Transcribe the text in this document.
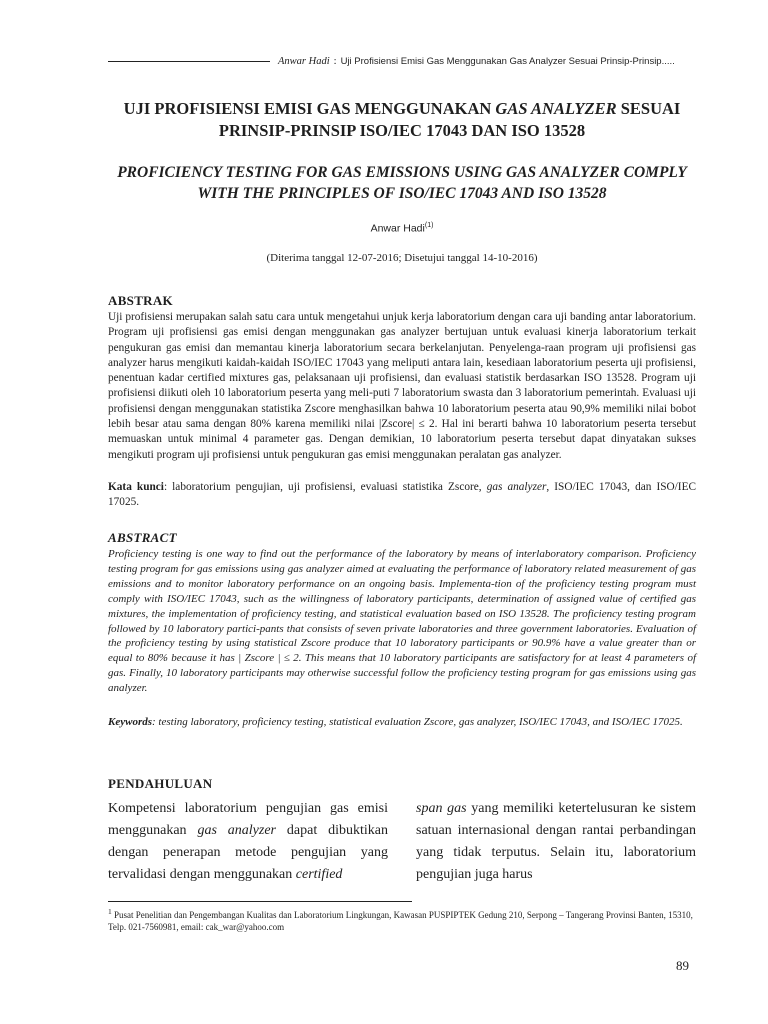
Anwar Hadi : Uji Profisiensi Emisi Gas Menggunakan Gas Analyzer Sesuai Prinsip-Prinsip.....
UJI PROFISIENSI EMISI GAS MENGGUNAKAN GAS ANALYZER SESUAI PRINSIP-PRINSIP ISO/IEC 17043 DAN ISO 13528
PROFICIENCY TESTING FOR GAS EMISSIONS USING GAS ANALYZER COMPLY WITH THE PRINCIPLES OF ISO/IEC 17043 AND ISO 13528
Anwar Hadi$^{(1)}$
(Diterima tanggal 12-07-2016; Disetujui tanggal 14-10-2016)
ABSTRAK

Uji profisiensi merupakan salah satu cara untuk mengetahui unjuk kerja laboratorium dengan cara uji banding antar laboratorium. Program uji profisiensi gas emisi dengan menggunakan gas analyzer bertujuan untuk evaluasi kinerja laboratorium terkait pengukuran gas emisi dan memantau kinerja laboratorium secara berkelanjutan. Penyelenga-raan program uji profisiensi gas analyzer harus mengikuti kaidah-kaidah ISO/IEC 17043 yang meliputi antara lain, kesediaan laboratorium peserta uji profisiensi, penentuan kadar certified mixtures gas, pelaksanaan uji profisiensi, dan evaluasi statistik berdasarkan ISO 13528. Program uji profisiensi diikuti oleh 10 laboratorium peserta yang meli-puti 7 laboratorium swasta dan 3 laboratorium pemerintah. Evaluasi uji profisiensi dengan menggunakan statistika Zscore menghasilkan bahwa 10 laboratorium peserta atau 90,9% memiliki nilai bobot lebih besar atau sama dengan 80% karena memiliki nilai |Zscore| ≤ 2. Hal ini berarti bahwa 10 laboratorium peserta tersebut memuaskan untuk minimal 4 parameter gas. Dengan demikian, 10 laboratorium peserta tersebut dapat dinyatakan sukses mengikuti program uji profisiensi untuk pengukuran gas emisi menggunakan peralatan gas analyzer.

Kata kunci: laboratorium pengujian, uji profisiensi, evaluasi statistika Zscore, gas analyzer, ISO/IEC 17043, dan ISO/IEC 17025.

ABSTRACT

Proficiency testing is one way to find out the performance of the laboratory by means of interlaboratory comparison. Proficiency testing program for gas emissions using gas analyzer aimed at evaluating the performance of laboratory related measurement of gas emissions and to monitor laboratory performance on an ongoing basis. Implementa-tion of the proficiency testing program must comply with ISO/IEC 17043, such as the willingness of laboratory participants, determination of assigned value of certified gas mixtures, the implementation of proficiency testing, and statistical evaluation based on ISO 13528. The proficiency testing program followed by 10 laboratory partici-pants that consists of seven private laboratories and three government laboratories. Evaluation of the proficiency testing by using statistical Zscore produce that 10 laboratory participants or 90.9% have a value greater than or equal to 80% because it has | Zscore | ≤ 2. This means that 10 laboratory participants are satisfactory for at least 4 parameters of gas. Finally, 10 laboratory participants may otherwise successful follow the proficiency testing program for gas emissions using gas analyzer.

Keywords: testing laboratory, proficiency testing, statistical evaluation Zscore, gas analyzer, ISO/IEC 17043, and ISO/IEC 17025.

PENDAHULUAN

Kompetensi laboratorium pengujian gas emisi menggunakan gas analyzer dapat dibuktikan dengan penerapan metode pengujian yang tervalidasi dengan menggunakan certified

span gas yang memiliki ketertelusuran ke sistem satuan internasional dengan rantai perbandingan yang tidak terputus. Selain itu, laboratorium pengujian juga harus

$^1$ Pusat Penelitian dan Pengembangan Kualitas dan Laboratorium Lingkungan, Kawasan PUSPIPTEK Gedung 210, Serpong – Tangerang Provinsi Banten, 15310, Telp. 021-7560981, email: cak_war@yahoo.com

89
